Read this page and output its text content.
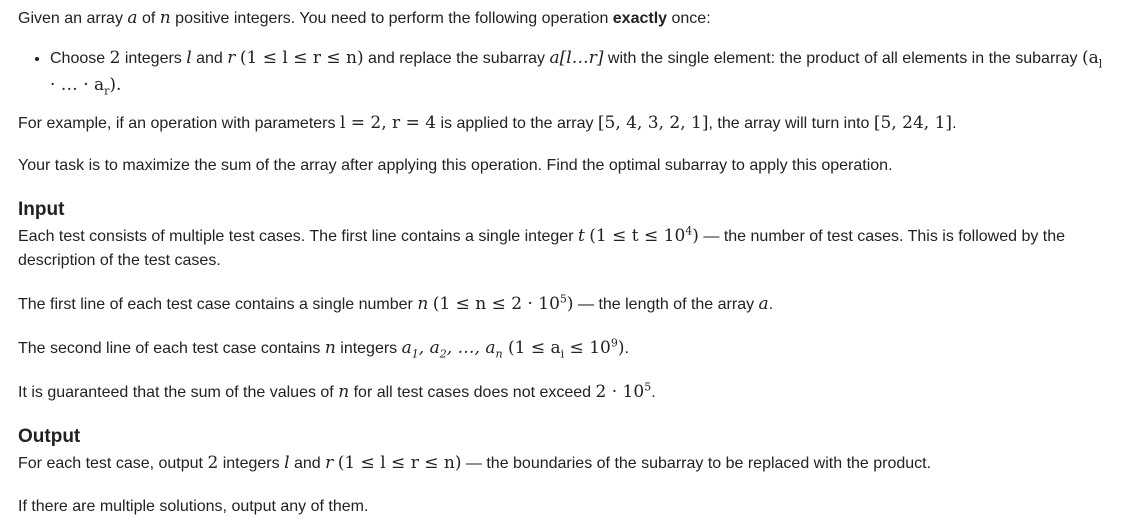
Given an array a of n positive integers. You need to perform the following operation exactly once:

• Choose 2 integers l and r (1 ≤ l ≤ r ≤ n) and replace the subarray a[l…r] with the single element: the product of all elements in the subarray ($a_l$ · … · $a_r$).

For example, if an operation with parameters l = 2, r = 4 is applied to the array [5, 4, 3, 2, 1], the array will turn into [5, 24, 1].

Your task is to maximize the sum of the array after applying this operation. Find the optimal subarray to apply this operation.

Input

Each test consists of multiple test cases. The first line contains a single integer t $(1 \le t \le 10^4)$ — the number of test cases. This is followed by the description of the test cases.

The first line of each test case contains a single number n $(1 \le n \le 2 \cdot 10^5)$ — the length of the array a.

The second line of each test case contains n integers $a_1$, $a_2$, …, $a_n$ $(1 \le a_i \le 10^9)$.

It is guaranteed that the sum of the values of n for all test cases does not exceed $2 \cdot 10^5$.

Output

For each test case, output 2 integers l and r (1 ≤ l ≤ r ≤ n) — the boundaries of the subarray to be replaced with the product.

If there are multiple solutions, output any of them.
